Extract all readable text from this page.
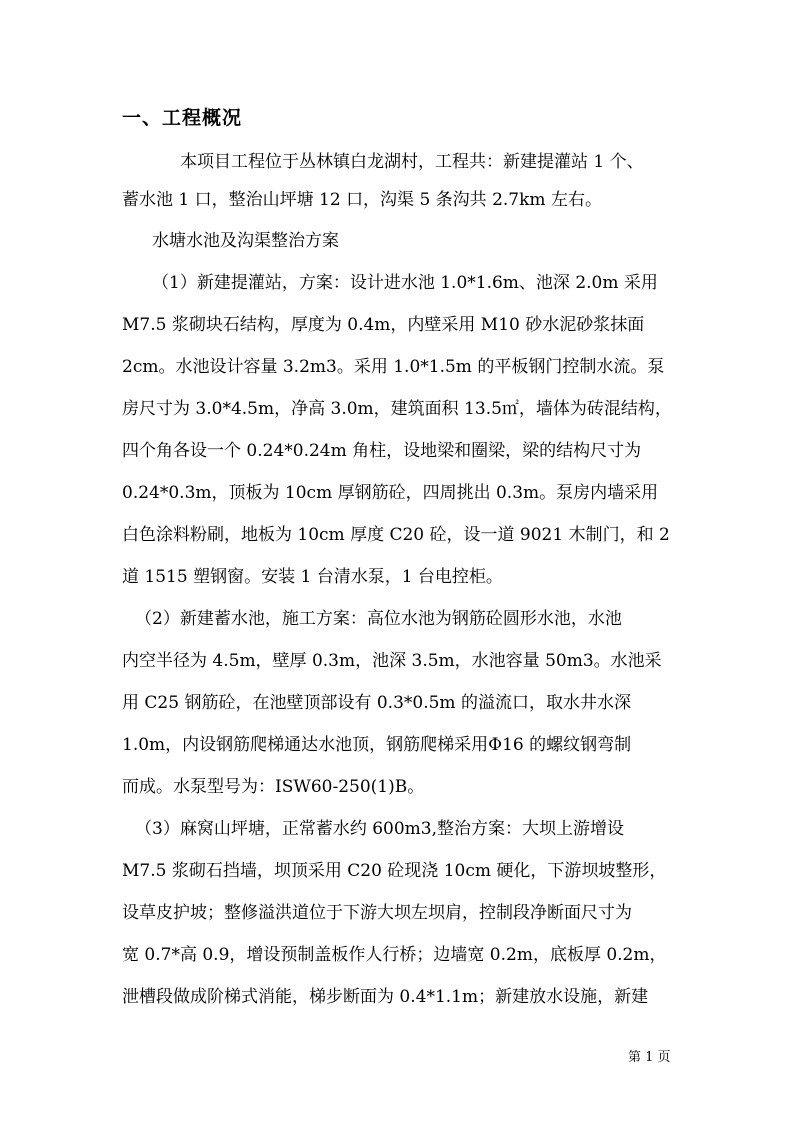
一、工程概况
本项目工程位于丛林镇白龙湖村，工程共：新建提灌站 1 个、
蓄水池 1 口，整治山坪塘 12 口，沟渠 5 条沟共 2.7km 左右。
水塘水池及沟渠整治方案
（1）新建提灌站，方案：设计进水池 1.0*1.6m、池深 2.0m 采用
M7.5 浆砌块石结构，厚度为 0.4m，内壁采用 M10 砂水泥砂浆抹面
2cm。水池设计容量 3.2m3。采用 1.0*1.5m 的平板钢门控制水流。泵
房尺寸为 3.0*4.5m，净高 3.0m，建筑面积 13.5㎡，墙体为砖混结构，
四个角各设一个 0.24*0.24m 角柱，设地梁和圈梁，梁的结构尺寸为
0.24*0.3m，顶板为 10cm 厚钢筋砼，四周挑出 0.3m。泵房内墙采用
白色涂料粉刷，地板为 10cm 厚度 C20 砼，设一道 9021 木制门，和 2
道 1515 塑钢窗。安装 1 台清水泵，1 台电控柜。
（2）新建蓄水池，施工方案：高位水池为钢筋砼圆形水池，水池
内空半径为 4.5m，壁厚 0.3m，池深 3.5m，水池容量 50m3。水池采
用 C25 钢筋砼，在池壁顶部设有 0.3*0.5m 的溢流口，取水井水深
1.0m，内设钢筋爬梯通达水池顶，钢筋爬梯采用Φ16 的螺纹钢弯制
而成。水泵型号为：ISW60-250(1)B。
（3）麻窝山坪塘，正常蓄水约 600m3,整治方案：大坝上游增设
M7.5 浆砌石挡墙，坝顶采用 C20 砼现浇 10cm 硬化，下游坝坡整形，
设草皮护坡；整修溢洪道位于下游大坝左坝肩，控制段净断面尺寸为
宽 0.7*高 0.9，增设预制盖板作人行桥；边墙宽 0.2m，底板厚 0.2m，
泄槽段做成阶梯式消能，梯步断面为 0.4*1.1m；新建放水设施，新建
第 1 页
